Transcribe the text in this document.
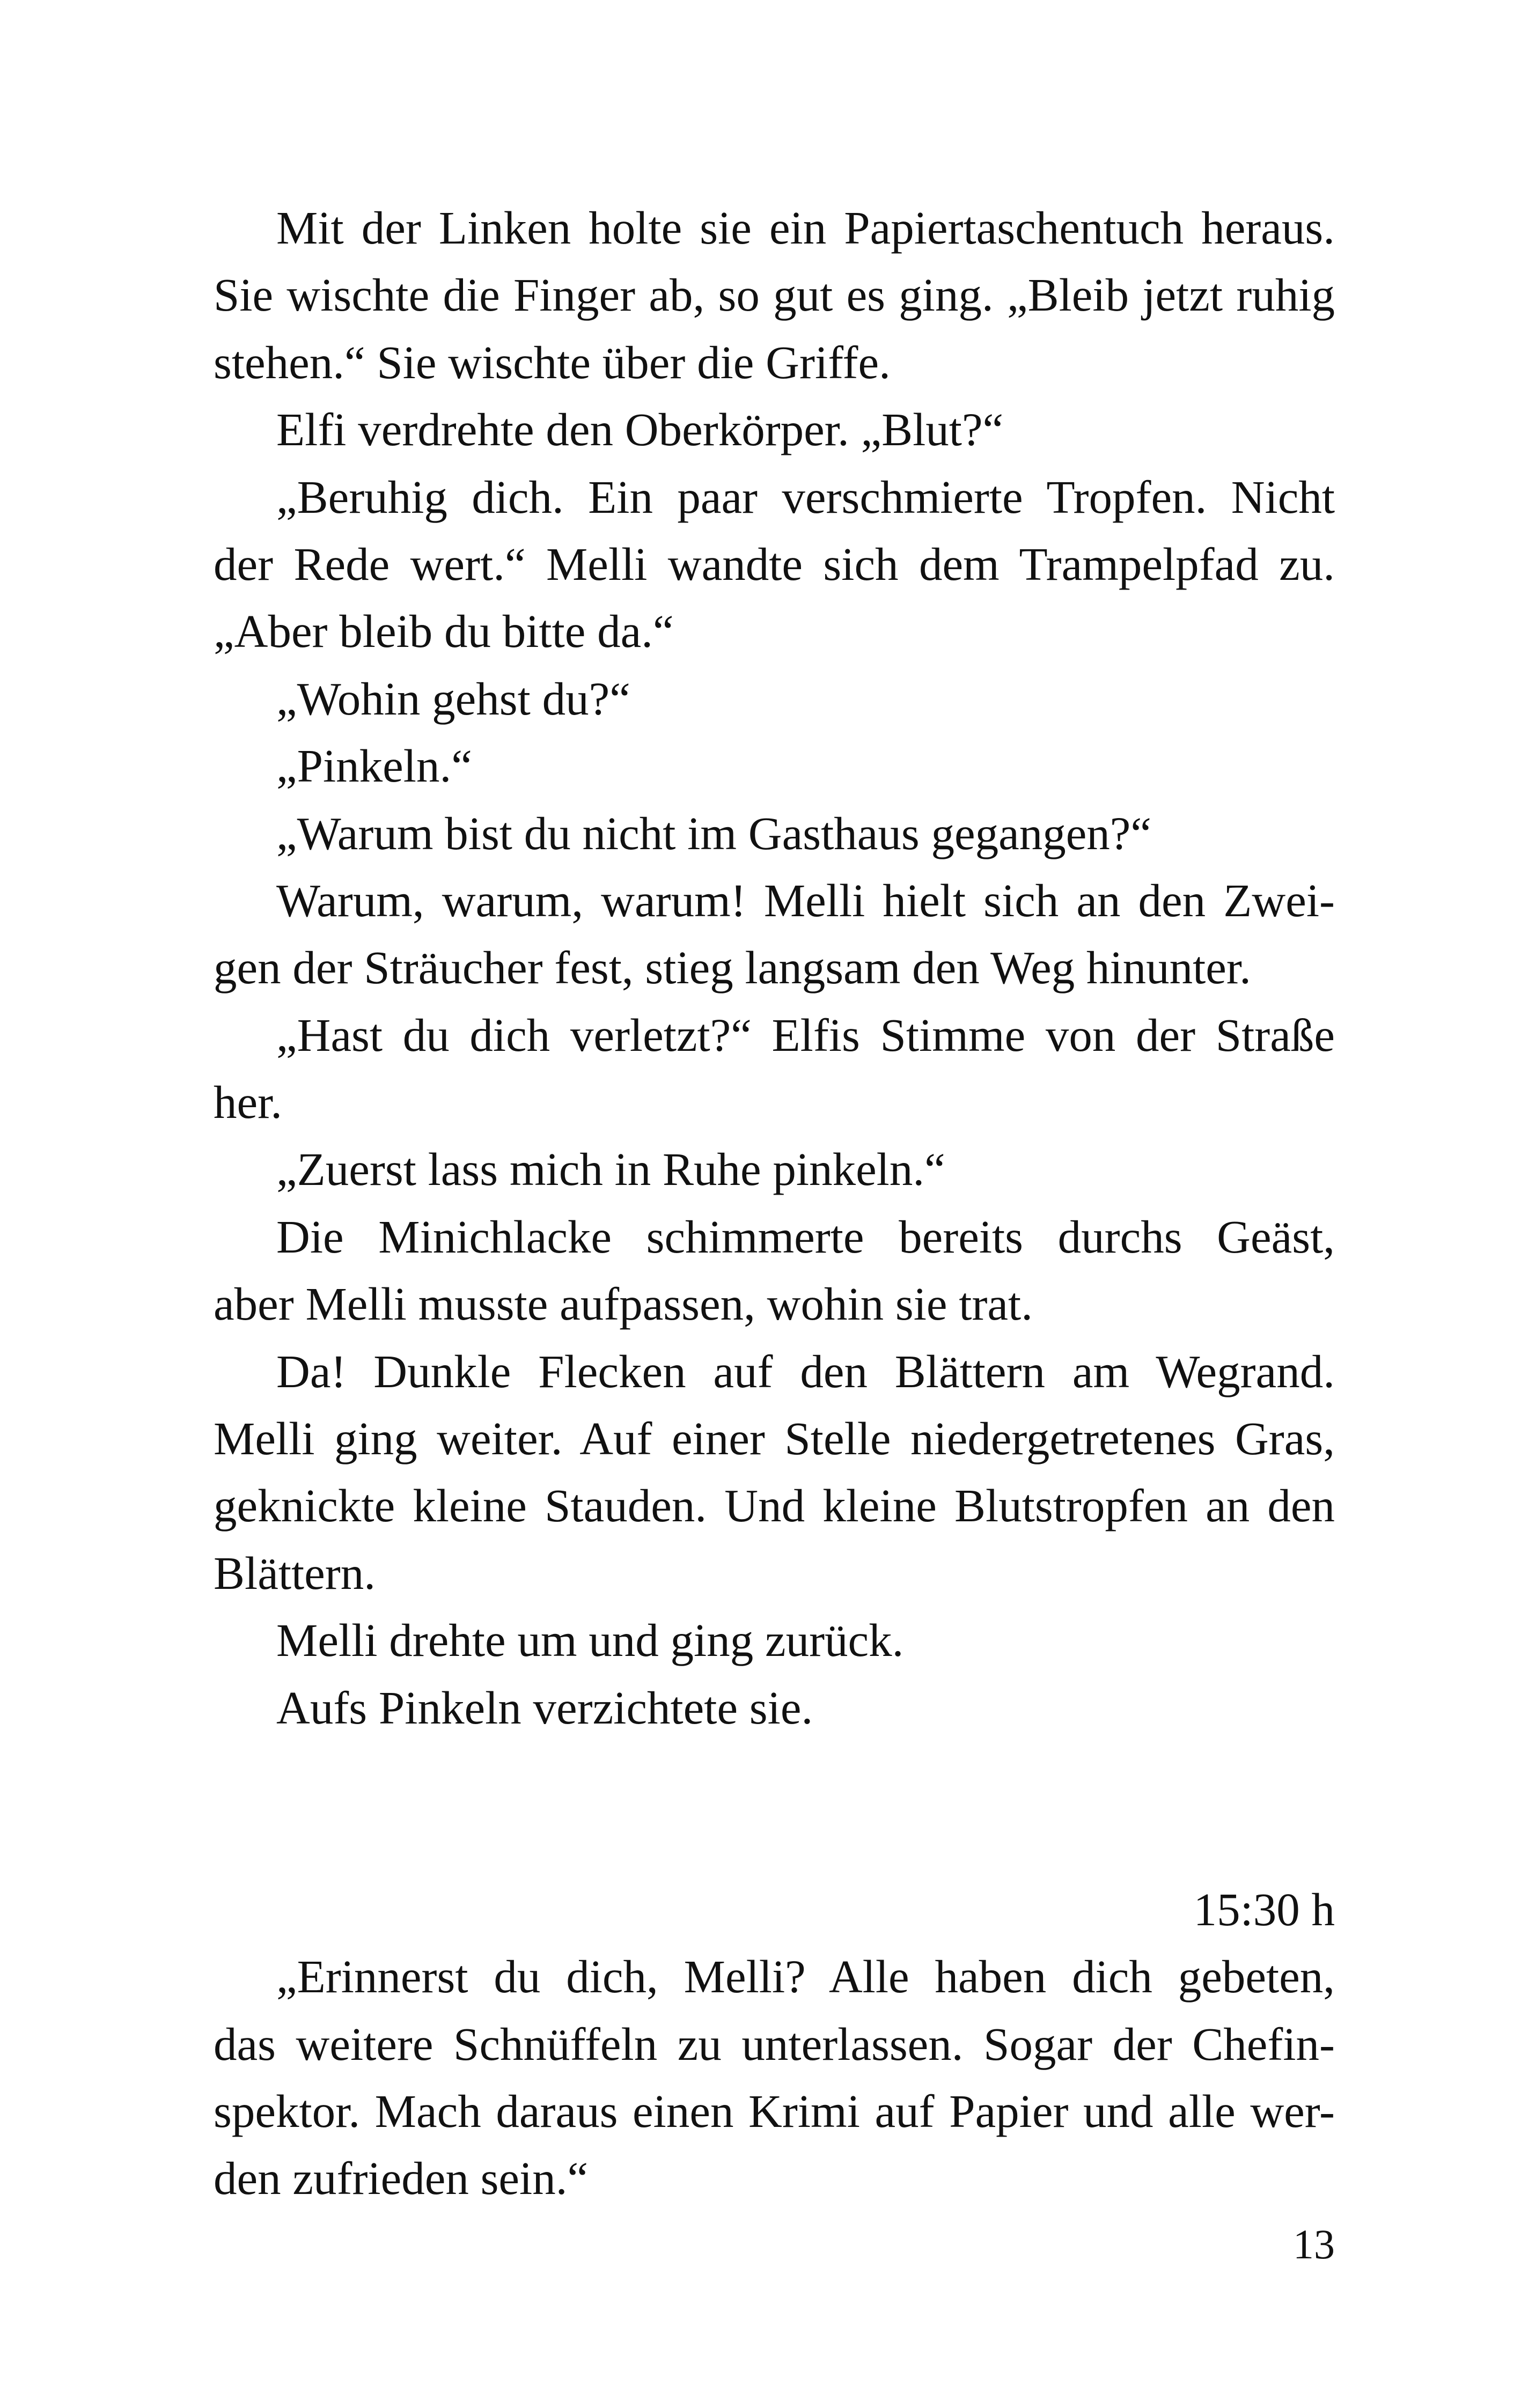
Mit der Linken holte sie ein Papiertaschentuch heraus.
Sie wischte die Finger ab, so gut es ging. „Bleib jetzt ruhig
stehen.“ Sie wischte über die Griffe.
Elfi verdrehte den Oberkörper. „Blut?“
„Beruhig dich. Ein paar verschmierte Tropfen. Nicht
der Rede wert.“ Melli wandte sich dem Trampelpfad zu.
„Aber bleib du bitte da.“
„Wohin gehst du?“
„Pinkeln.“
„Warum bist du nicht im Gasthaus gegangen?“
Warum, warum, warum! Melli hielt sich an den Zwei-
gen der Sträucher fest, stieg langsam den Weg hinunter.
„Hast du dich verletzt?“ Elfis Stimme von der Straße
her.
„Zuerst lass mich in Ruhe pinkeln.“
Die Minichlacke schimmerte bereits durchs Geäst,
aber Melli musste aufpassen, wohin sie trat.
Da! Dunkle Flecken auf den Blättern am Wegrand.
Melli ging weiter. Auf einer Stelle niedergetretenes Gras,
geknickte kleine Stauden. Und kleine Blutstropfen an den
Blättern.
Melli drehte um und ging zurück.
Aufs Pinkeln verzichtete sie.
15:30 h
„Erinnerst du dich, Melli? Alle haben dich gebeten,
das weitere Schnüffeln zu unterlassen. Sogar der Chefin-
spektor. Mach daraus einen Krimi auf Papier und alle wer-
den zufrieden sein.“
13
